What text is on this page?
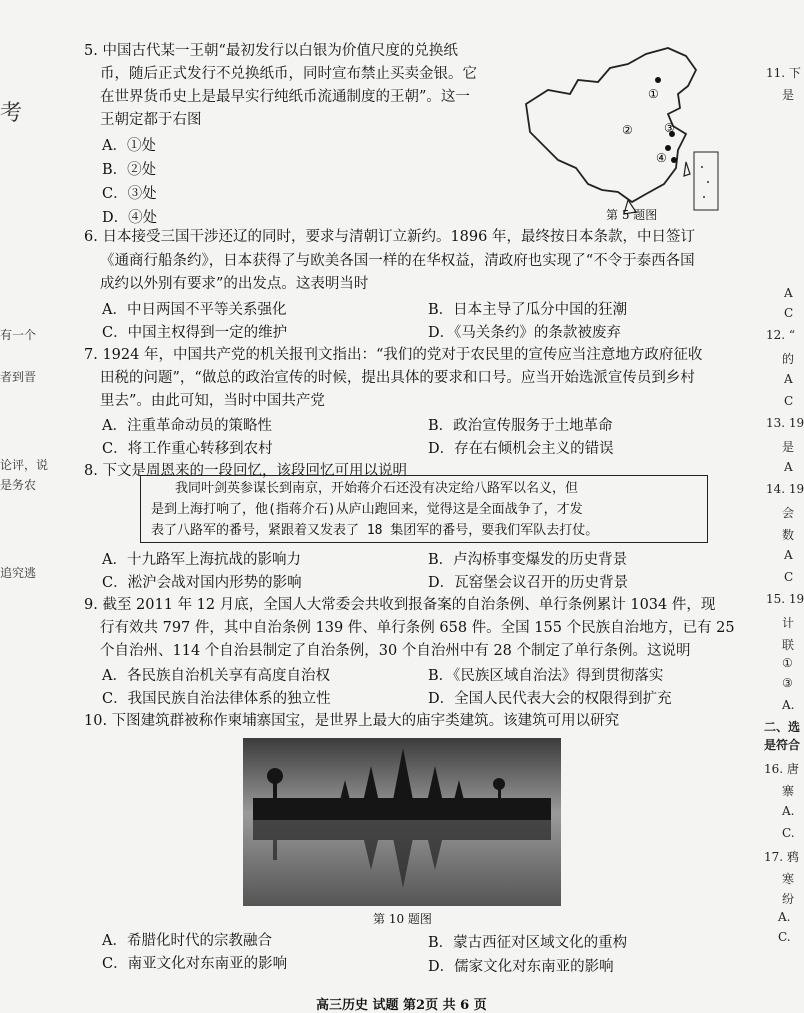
5. 中国古代某一王朝“最初发行以白银为价值尺度的兑换纸
币，随后正式发行不兑换纸币，同时宣布禁止买卖金银。它
在世界货币史上是最早实行纯纸币流通制度的王朝”。这一
王朝定都于右图
A．①处
B．②处
C．③处
D．④处
①
②	③
④
第 5 题图
6. 日本接受三国干涉还辽的同时，要求与清朝订立新约。1896 年，最终按日本条款，中日签订
《通商行船条约》，日本获得了与欧美各国一样的在华权益，清政府也实现了“不令于泰西各国
成约以外别有要求”的出发点。这表明当时
A．中日两国不平等关系强化	B．日本主导了瓜分中国的狂潮
C．中国主权得到一定的维护	D．《马关条约》的条款被废弃
7. 1924 年，中国共产党的机关报刊文指出：“我们的党对于农民里的宣传应当注意地方政府征收
田税的问题”，“做总的政治宣传的时候，提出具体的要求和口号。应当开始选派宣传员到乡村
里去”。由此可知，当时中国共产党
A．注重革命动员的策略性	B．政治宣传服务于土地革命
C．将工作重心转移到农村	D．存在右倾机会主义的错误
8. 下文是周恩来的一段回忆，该段回忆可用以说明
我同叶剑英参谋长到南京，开始蒋介石还没有决定给八路军以名义，但
是到上海打响了，他(指蒋介石)从庐山跑回来，觉得这是全面战争了，才发
表了八路军的番号，紧跟着又发表了 18 集团军的番号，要我们军队去打仗。
A．十九路军上海抗战的影响力	B．卢沟桥事变爆发的历史背景
C．淞沪会战对国内形势的影响	D．瓦窑堡会议召开的历史背景
9. 截至 2011 年 12 月底，全国人大常委会共收到报备案的自治条例、单行条例累计 1034 件，现
行有效共 797 件，其中自治条例 139 件、单行条例 658 件。全国 155 个民族自治地方，已有 25
个自治州、114 个自治县制定了自治条例，30 个自治州中有 28 个制定了单行条例。这说明
A．各民族自治机关享有高度自治权	B．《民族区域自治法》得到贯彻落实
C．我国民族自治法律体系的独立性	D．全国人民代表大会的权限得到扩充
10. 下图建筑群被称作柬埔寨国宝，是世界上最大的庙宇类建筑。该建筑可用以研究
第 10 题图
A．希腊化时代的宗教融合	B．蒙古西征对区域文化的重构
C．南亚文化对东南亚的影响	D．儒家文化对东南亚的影响
高三历史 试题 第2页 共 6 页
考
有一个
者到晋
论评，说
是务农
追究逃
11. 下
是
A
C
12. “
的
A
C
13. 19
是
A
14. 19
会
数
A
C
15. 19
计
联
①
③
A.
二、选
是符合
16. 唐
寨
A.
C.
17. 鸦
寒
纷
A.
C.
